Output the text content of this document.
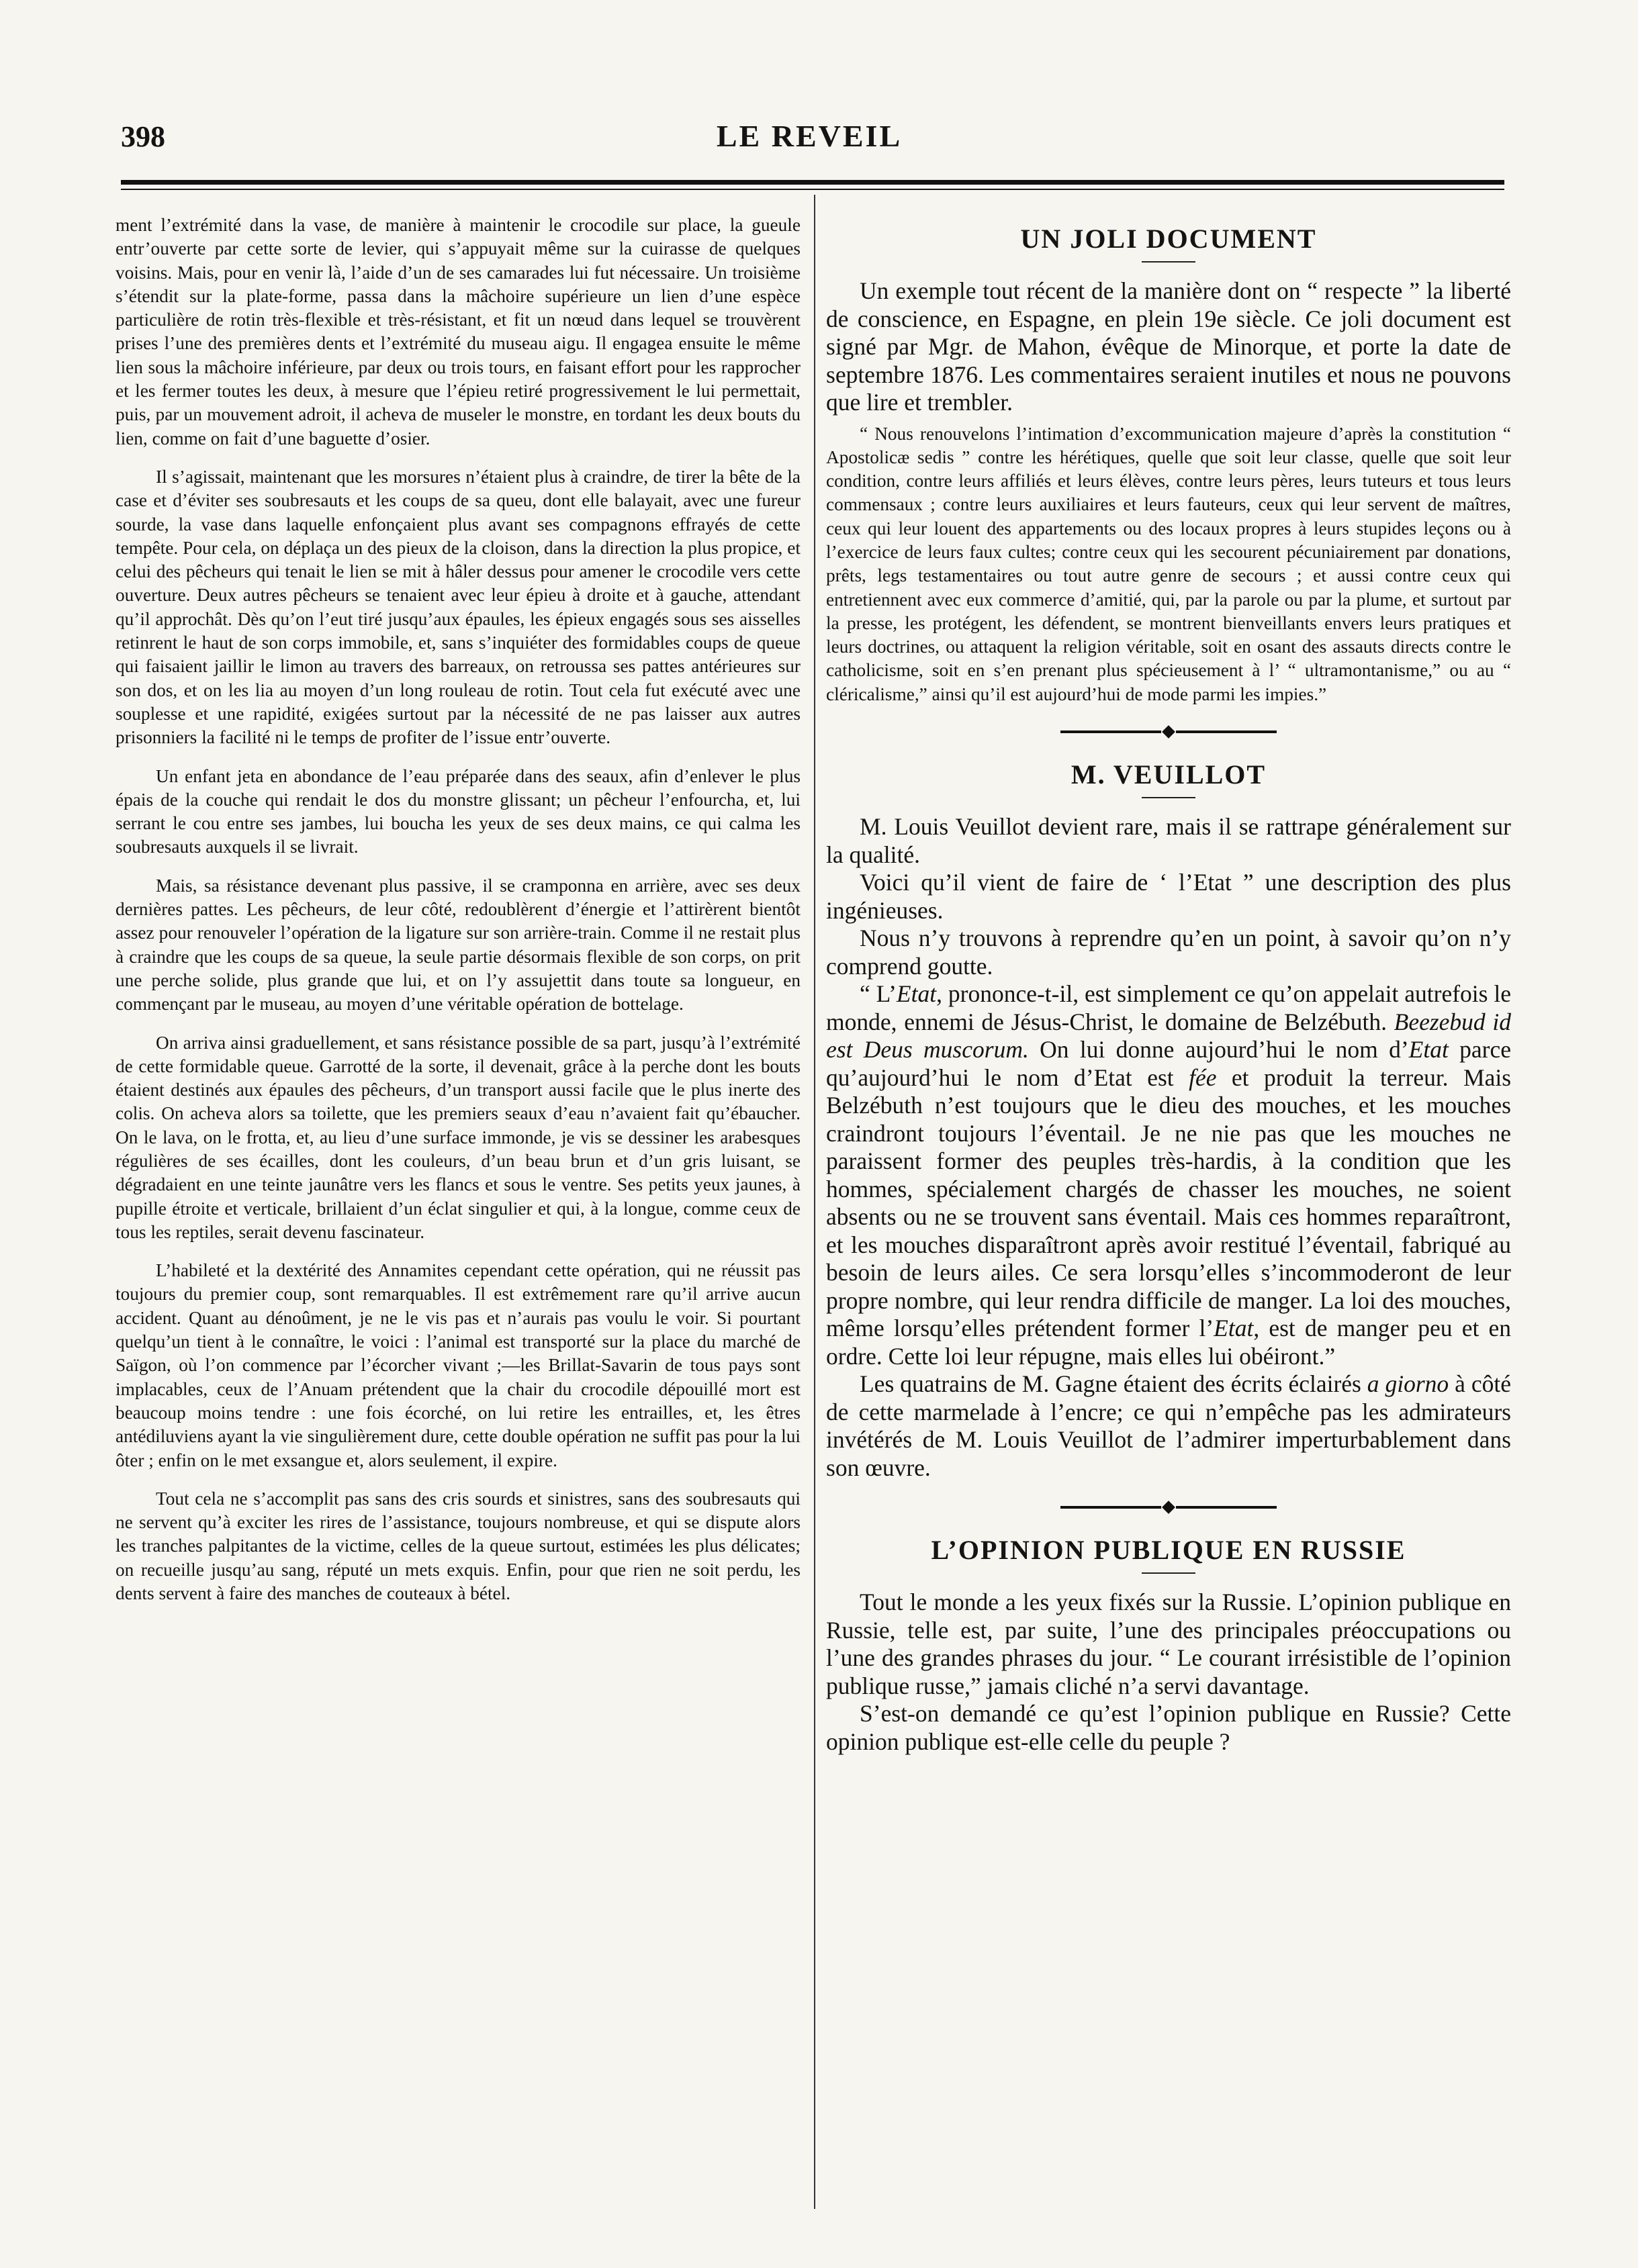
398	LE REVEIL

ment l’extrémité dans la vase, de manière à maintenir le crocodile sur place, la gueule entr’ouverte par cette sorte de levier, qui s’appuyait même sur la cuirasse de quelques voisins. Mais, pour en venir là, l’aide d’un de ses camarades lui fut nécessaire. Un troisième s’étendit sur la plate-forme, passa dans la mâchoire supérieure un lien d’une espèce particulière de rotin très-flexible et très-résistant, et fit un nœud dans lequel se trouvèrent prises l’une des premières dents et l’extrémité du museau aigu. Il engagea ensuite le même lien sous la mâchoire inférieure, par deux ou trois tours, en faisant effort pour les rapprocher et les fermer toutes les deux, à mesure que l’épieu retiré progressivement le lui permettait, puis, par un mouvement adroit, il acheva de museler le monstre, en tordant les deux bouts du lien, comme on fait d’une baguette d’osier.

Il s’agissait, maintenant que les morsures n’étaient plus à craindre, de tirer la bête de la case et d’éviter ses soubresauts et les coups de sa queu, dont elle balayait, avec une fureur sourde, la vase dans laquelle enfonçaient plus avant ses compagnons effrayés de cette tempête. Pour cela, on déplaça un des pieux de la cloison, dans la direction la plus propice, et celui des pêcheurs qui tenait le lien se mit à hâler dessus pour amener le crocodile vers cette ouverture. Deux autres pêcheurs se tenaient avec leur épieu à droite et à gauche, attendant qu’il approchât. Dès qu’on l’eut tiré jusqu’aux épaules, les épieux engagés sous ses aisselles retinrent le haut de son corps immobile, et, sans s’inquiéter des formidables coups de queue qui faisaient jaillir le limon au travers des barreaux, on retroussa ses pattes antérieures sur son dos, et on les lia au moyen d’un long rouleau de rotin. Tout cela fut exécuté avec une souplesse et une rapidité, exigées surtout par la nécessité de ne pas laisser aux autres prisonniers la facilité ni le temps de profiter de l’issue entr’ouverte.

Un enfant jeta en abondance de l’eau préparée dans des seaux, afin d’enlever le plus épais de la couche qui rendait le dos du monstre glissant; un pêcheur l’enfourcha, et, lui serrant le cou entre ses jambes, lui boucha les yeux de ses deux mains, ce qui calma les soubresauts auxquels il se livrait.

Mais, sa résistance devenant plus passive, il se cramponna en arrière, avec ses deux dernières pattes. Les pêcheurs, de leur côté, redoublèrent d’énergie et l’attirèrent bientôt assez pour renouveler l’opération de la ligature sur son arrière-train. Comme il ne restait plus à craindre que les coups de sa queue, la seule partie désormais flexible de son corps, on prit une perche solide, plus grande que lui, et on l’y assujettit dans toute sa longueur, en commençant par le museau, au moyen d’une véritable opération de bottelage.

On arriva ainsi graduellement, et sans résistance possible de sa part, jusqu’à l’extrémité de cette formidable queue. Garrotté de la sorte, il devenait, grâce à la perche dont les bouts étaient destinés aux épaules des pêcheurs, d’un transport aussi facile que le plus inerte des colis. On acheva alors sa toilette, que les premiers seaux d’eau n’avaient fait qu’ébaucher. On le lava, on le frotta, et, au lieu d’une surface immonde, je vis se dessiner les arabesques régulières de ses écailles, dont les couleurs, d’un beau brun et d’un gris luisant, se dégradaient en une teinte jaunâtre vers les flancs et sous le ventre. Ses petits yeux jaunes, à pupille étroite et verticale, brillaient d’un éclat singulier et qui, à la longue, comme ceux de tous les reptiles, serait devenu fascinateur.

L’habileté et la dextérité des Annamites cependant cette opération, qui ne réussit pas toujours du premier coup, sont remarquables. Il est extrêmement rare qu’il arrive aucun accident. Quant au dénoûment, je ne le vis pas et n’aurais pas voulu le voir. Si pourtant quelqu’un tient à le connaître, le voici : l’animal est transporté sur la place du marché de Saïgon, où l’on commence par l’écorcher vivant ;—les Brillat-Savarin de tous pays sont implacables, ceux de l’Anuam prétendent que la chair du crocodile dépouillé mort est beaucoup moins tendre : une fois écorché, on lui retire les entrailles, et, les êtres antédiluviens ayant la vie singulièrement dure, cette double opération ne suffit pas pour la lui ôter ; enfin on le met exsangue et, alors seulement, il expire.

Tout cela ne s’accomplit pas sans des cris sourds et sinistres, sans des soubresauts qui ne servent qu’à exciter les rires de l’assistance, toujours nombreuse, et qui se dispute alors les tranches palpitantes de la victime, celles de la queue surtout, estimées les plus délicates; on recueille jusqu’au sang, réputé un mets exquis. Enfin, pour que rien ne soit perdu, les dents servent à faire des manches de couteaux à bétel.

UN JOLI DOCUMENT

Un exemple tout récent de la manière dont on “ respecte ” la liberté de conscience, en Espagne, en plein 19e siècle. Ce joli document est signé par Mgr. de Mahon, évêque de Minorque, et porte la date de septembre 1876. Les commentaires seraient inutiles et nous ne pouvons que lire et trembler.

“ Nous renouvelons l’intimation d’excommunication majeure d’après la constitution “ Apostolicæ sedis ” contre les hérétiques, quelle que soit leur classe, quelle que soit leur condition, contre leurs affiliés et leurs élèves, contre leurs pères, leurs tuteurs et tous leurs commensaux ; contre leurs auxiliaires et leurs fauteurs, ceux qui leur servent de maîtres, ceux qui leur louent des appartements ou des locaux propres à leurs stupides leçons ou à l’exercice de leurs faux cultes; contre ceux qui les secourent pécuniairement par donations, prêts, legs testamentaires ou tout autre genre de secours ; et aussi contre ceux qui entretiennent avec eux commerce d’amitié, qui, par la parole ou par la plume, et surtout par la presse, les protégent, les défendent, se montrent bienveillants envers leurs pratiques et leurs doctrines, ou attaquent la religion véritable, soit en osant des assauts directs contre le catholicisme, soit en s’en prenant plus spécieusement à l’ “ ultramontanisme,” ou au “ cléricalisme,” ainsi qu’il est aujourd’hui de mode parmi les impies.”

M. VEUILLOT

M. Louis Veuillot devient rare, mais il se rattrape généralement sur la qualité.

Voici qu’il vient de faire de ‘ l’Etat ” une description des plus ingénieuses.

Nous n’y trouvons à reprendre qu’en un point, à savoir qu’on n’y comprend goutte.

“ L’Etat, prononce-t-il, est simplement ce qu’on appelait autrefois le monde, ennemi de Jésus-Christ, le domaine de Belzébuth. Beezebud id est Deus muscorum. On lui donne aujourd’hui le nom d’Etat parce qu’aujourd’hui le nom d’Etat est fée et produit la terreur. Mais Belzébuth n’est toujours que le dieu des mouches, et les mouches craindront toujours l’éventail. Je ne nie pas que les mouches ne paraissent former des peuples très-hardis, à la condition que les hommes, spécialement chargés de chasser les mouches, ne soient absents ou ne se trouvent sans éventail. Mais ces hommes reparaîtront, et les mouches disparaîtront après avoir restitué l’éventail, fabriqué au besoin de leurs ailes. Ce sera lorsqu’elles s’incommoderont de leur propre nombre, qui leur rendra difficile de manger. La loi des mouches, même lorsqu’elles prétendent former l’Etat, est de manger peu et en ordre. Cette loi leur répugne, mais elles lui obéiront.”

Les quatrains de M. Gagne étaient des écrits éclairés a giorno à côté de cette marmelade à l’encre; ce qui n’empêche pas les admirateurs invétérés de M. Louis Veuillot de l’admirer imperturbablement dans son œuvre.

L’OPINION PUBLIQUE EN RUSSIE

Tout le monde a les yeux fixés sur la Russie. L’opinion publique en Russie, telle est, par suite, l’une des principales préoccupations ou l’une des grandes phrases du jour. “ Le courant irrésistible de l’opinion publique russe,” jamais cliché n’a servi davantage.

S’est-on demandé ce qu’est l’opinion publique en Russie? Cette opinion publique est-elle celle du peuple ?
